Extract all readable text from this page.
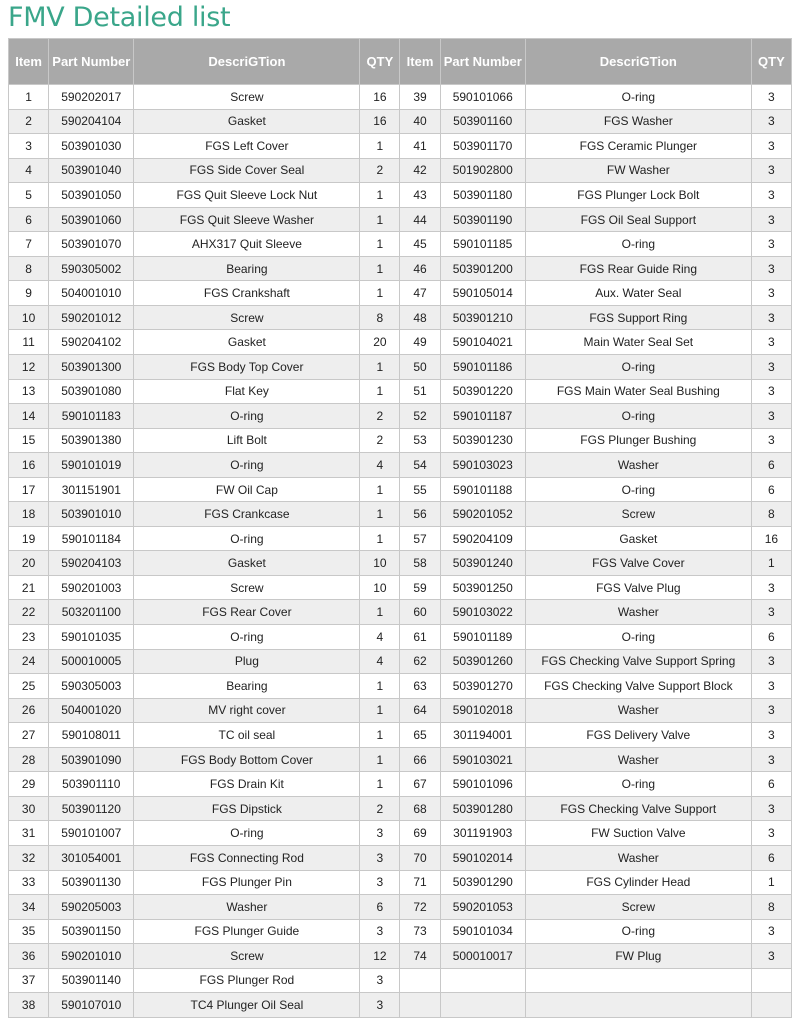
FMV Detailed list
Item	Part Number	DescriGTion	QTY	Item	Part Number	DescriGTion	QTY
1	590202017	Screw	16	39	590101066	O-ring	3
2	590204104	Gasket	16	40	503901160	FGS Washer	3
3	503901030	FGS Left Cover	1	41	503901170	FGS Ceramic Plunger	3
4	503901040	FGS Side Cover Seal	2	42	501902800	FW Washer	3
5	503901050	FGS Quit Sleeve Lock Nut	1	43	503901180	FGS Plunger Lock Bolt	3
6	503901060	FGS Quit Sleeve Washer	1	44	503901190	FGS Oil Seal Support	3
7	503901070	AHX317 Quit Sleeve	1	45	590101185	O-ring	3
8	590305002	Bearing	1	46	503901200	FGS Rear Guide Ring	3
9	504001010	FGS Crankshaft	1	47	590105014	Aux. Water Seal	3
10	590201012	Screw	8	48	503901210	FGS Support Ring	3
11	590204102	Gasket	20	49	590104021	Main Water Seal Set	3
12	503901300	FGS Body Top Cover	1	50	590101186	O-ring	3
13	503901080	Flat Key	1	51	503901220	FGS Main Water Seal Bushing	3
14	590101183	O-ring	2	52	590101187	O-ring	3
15	503901380	Lift Bolt	2	53	503901230	FGS Plunger Bushing	3
16	590101019	O-ring	4	54	590103023	Washer	6
17	301151901	FW Oil Cap	1	55	590101188	O-ring	6
18	503901010	FGS Crankcase	1	56	590201052	Screw	8
19	590101184	O-ring	1	57	590204109	Gasket	16
20	590204103	Gasket	10	58	503901240	FGS Valve Cover	1
21	590201003	Screw	10	59	503901250	FGS Valve Plug	3
22	503201100	FGS Rear Cover	1	60	590103022	Washer	3
23	590101035	O-ring	4	61	590101189	O-ring	6
24	500010005	Plug	4	62	503901260	FGS Checking Valve Support Spring	3
25	590305003	Bearing	1	63	503901270	FGS Checking Valve Support Block	3
26	504001020	MV right cover	1	64	590102018	Washer	3
27	590108011	TC oil seal	1	65	301194001	FGS Delivery Valve	3
28	503901090	FGS Body Bottom Cover	1	66	590103021	Washer	3
29	503901110	FGS Drain Kit	1	67	590101096	O-ring	6
30	503901120	FGS Dipstick	2	68	503901280	FGS Checking Valve Support	3
31	590101007	O-ring	3	69	301191903	FW Suction Valve	3
32	301054001	FGS Connecting Rod	3	70	590102014	Washer	6
33	503901130	FGS Plunger Pin	3	71	503901290	FGS Cylinder Head	1
34	590205003	Washer	6	72	590201053	Screw	8
35	503901150	FGS Plunger Guide	3	73	590101034	O-ring	3
36	590201010	Screw	12	74	500010017	FW Plug	3
37	503901140	FGS Plunger Rod	3				
38	590107010	TC4 Plunger Oil Seal	3				
